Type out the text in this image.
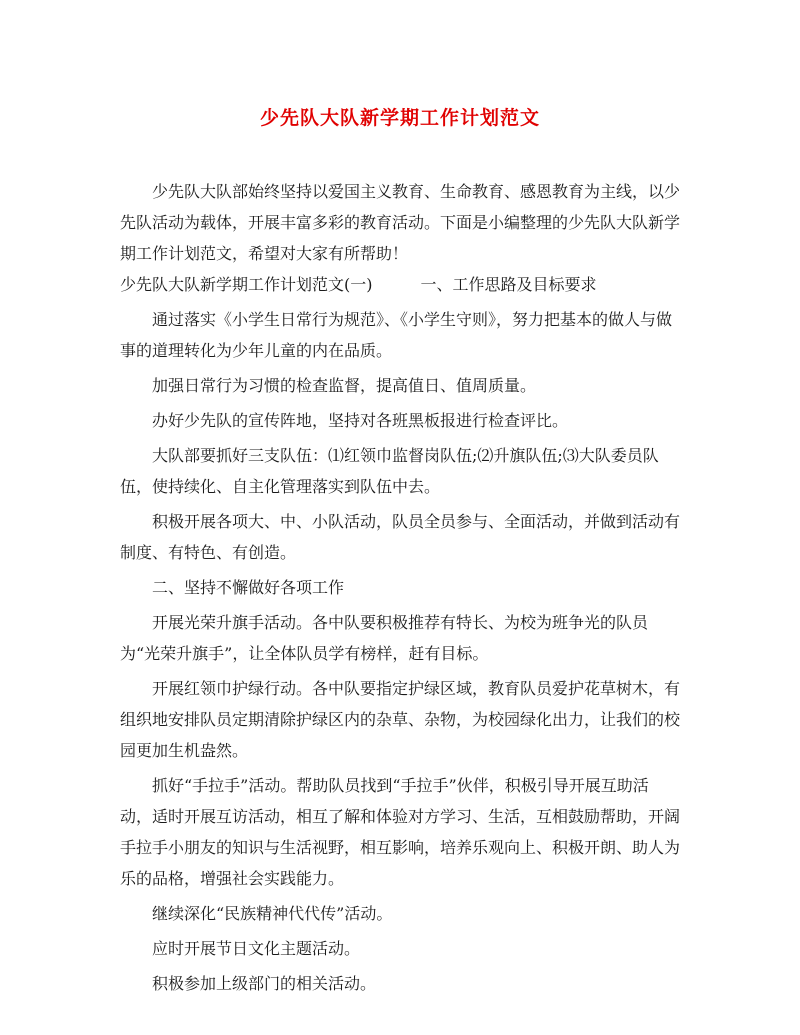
少先队大队新学期工作计划范文

少先队大队部始终坚持以爱国主义教育、生命教育、感恩教育为主线，以少先队活动为载体，开展丰富多彩的教育活动。下面是小编整理的少先队大队新学期工作计划范文，希望对大家有所帮助！

少先队大队新学期工作计划范文(一)	一、工作思路及目标要求

通过落实《小学生日常行为规范》、《小学生守则》，努力把基本的做人与做事的道理转化为少年儿童的内在品质。

加强日常行为习惯的检查监督，提高值日、值周质量。

办好少先队的宣传阵地，坚持对各班黑板报进行检查评比。

大队部要抓好三支队伍：⑴红领巾监督岗队伍;⑵升旗队伍;⑶大队委员队伍，使持续化、自主化管理落实到队伍中去。

积极开展各项大、中、小队活动，队员全员参与、全面活动，并做到活动有制度、有特色、有创造。

二、坚持不懈做好各项工作

开展光荣升旗手活动。各中队要积极推荐有特长、为校为班争光的队员为“光荣升旗手”，让全体队员学有榜样，赶有目标。

开展红领巾护绿行动。各中队要指定护绿区域，教育队员爱护花草树木，有组织地安排队员定期清除护绿区内的杂草、杂物，为校园绿化出力，让我们的校园更加生机盎然。

抓好“手拉手”活动。帮助队员找到“手拉手”伙伴，积极引导开展互助活动，适时开展互访活动，相互了解和体验对方学习、生活，互相鼓励帮助，开阔手拉手小朋友的知识与生活视野，相互影响，培养乐观向上、积极开朗、助人为乐的品格，增强社会实践能力。

继续深化“民族精神代代传”活动。

应时开展节日文化主题活动。

积极参加上级部门的相关活动。
